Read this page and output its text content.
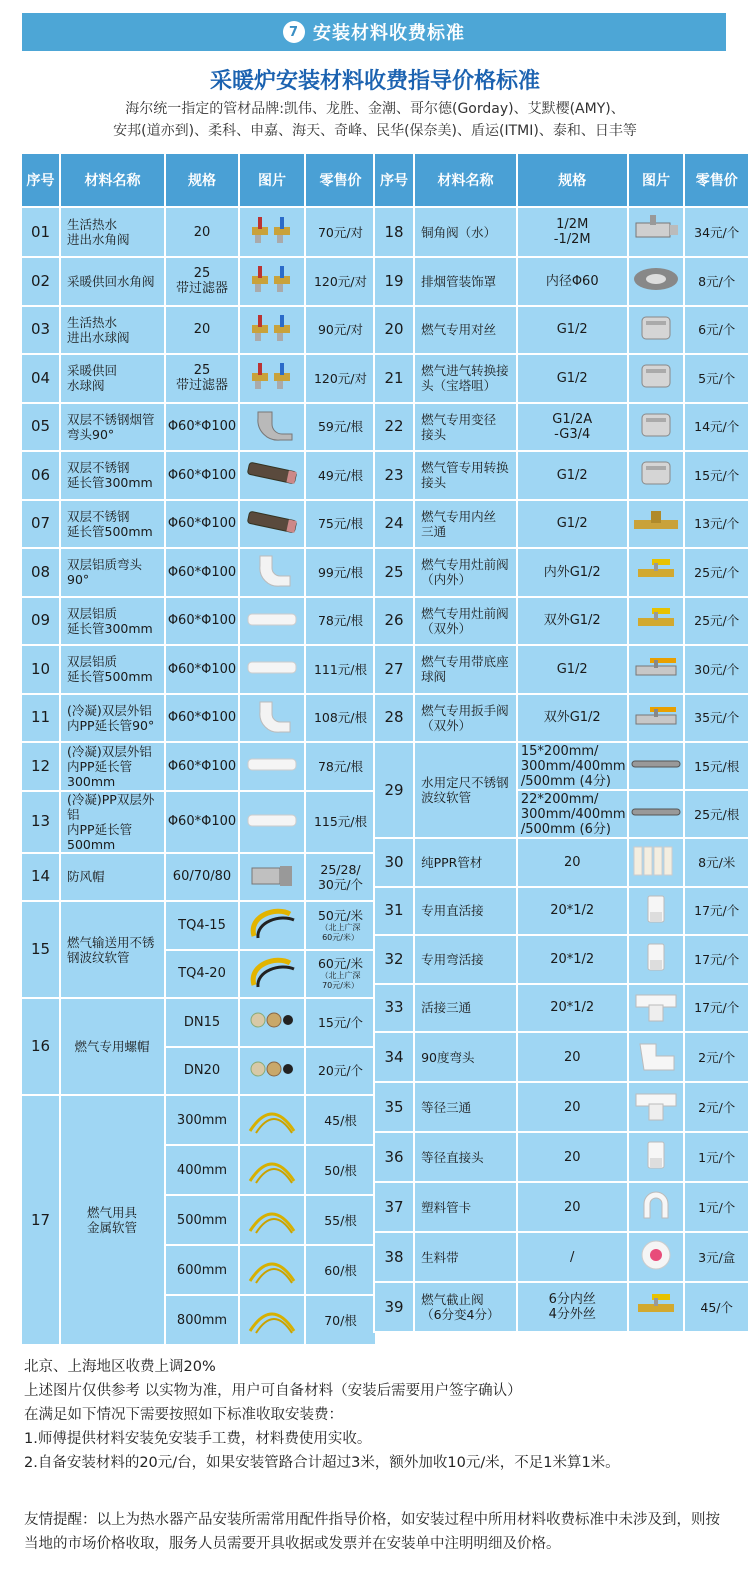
7 安装材料收费标准
采暖炉安装材料收费指导价格标准
海尔统一指定的管材品牌:凯伟、龙胜、金潮、哥尔德(Gorday)、艾默樱(AMY)、
安邦(道亦到)、柔科、申嘉、海天、奇峰、民华(保奈美)、盾运(ITMI)、泰和、日丰等
序号	材料名称	规格	图片	零售价
01	生活热水
进出水角阀	20		70元/对
02	采暖供回水角阀	25
带过滤器		120元/对
03	生活热水
进出水球阀	20		90元/对
04	采暖供回
水球阀	25
带过滤器		120元/对
05	双层不锈钢烟管
弯头90°	Φ60*Φ100		59元/根
06	双层不锈钢
延长管300mm	Φ60*Φ100		49元/根
07	双层不锈钢
延长管500mm	Φ60*Φ100		75元/根
08	双层铝质弯头90°	Φ60*Φ100		99元/根
09	双层铝质
延长管300mm	Φ60*Φ100		78元/根
10	双层铝质
延长管500mm	Φ60*Φ100		111元/根
11	(冷凝)双层外铝
内PP延长管90°	Φ60*Φ100		108元/根
12	(冷凝)双层外铝
内PP延长管300mm	Φ60*Φ100		78元/根
13	(冷凝)PP双层外铝
内PP延长管500mm	Φ60*Φ100		115元/根
14	防风帽	60/70/80		25/28/
30元/个
15	燃气输送用不锈
钢波纹软管	TQ4-15		50元/米
（北上广深
60元/米）

		TQ4-20		60元/米
（北上广深
70元/米）

16	燃气专用螺帽	DN15		15元/个
		DN20		20元/个
17	燃气用具
金属软管	300mm		45/根
		400mm		50/根
		500mm		55/根
		600mm		60/根
		800mm		70/根
序号	材料名称	规格	图片	零售价
18	铜角阀（水）	1/2M
-1/2M		34元/个
19	排烟管装饰罩	内径Φ60		8元/个
20	燃气专用对丝	G1/2		6元/个
21	燃气进气转换接
头（宝塔咀）	G1/2		5元/个
22	燃气专用变径
接头	G1/2A
-G3/4		14元/个
23	燃气管专用转换
接头	G1/2		15元/个
24	燃气专用内丝
三通	G1/2		13元/个
25	燃气专用灶前阀
（内外）	内外G1/2		25元/个
26	燃气专用灶前阀
（双外）	双外G1/2		25元/个
27	燃气专用带底座
球阀	G1/2		30元/个
28	燃气专用扳手阀
（双外）	双外G1/2		35元/个
29	水用定尺不锈钢
波纹软管	15*200mm/
300mm/400mm
/500mm (4分)		15元/根
		22*200mm/
300mm/400mm
/500mm (6分)		25元/根
30	纯PPR管材	20		8元/米
31	专用直活接	20*1/2		17元/个
32	专用弯活接	20*1/2		17元/个
33	活接三通	20*1/2		17元/个
34	90度弯头	20		2元/个
35	等径三通	20		2元/个
36	等径直接头	20		1元/个
37	塑料管卡	20		1元/个
38	生料带	/		3元/盒
39	燃气截止阀
（6分变4分）	6分内丝
4分外丝		45/个
北京、上海地区收费上调20%
上述图片仅供参考 以实物为准，用户可自备材料（安装后需要用户签字确认）
在满足如下情况下需要按照如下标准收取安装费：
1.师傅提供材料安装免安装手工费，材料费使用实收。
2.自备安装材料的20元/台，如果安装管路合计超过3米，额外加收10元/米，不足1米算1米。
友情提醒：以上为热水器产品安装所需常用配件指导价格，如安装过程中所用材料收费标准中未涉及到，则按当地的市场价格收取，服务人员需要开具收据或发票并在安装单中注明明细及价格。
